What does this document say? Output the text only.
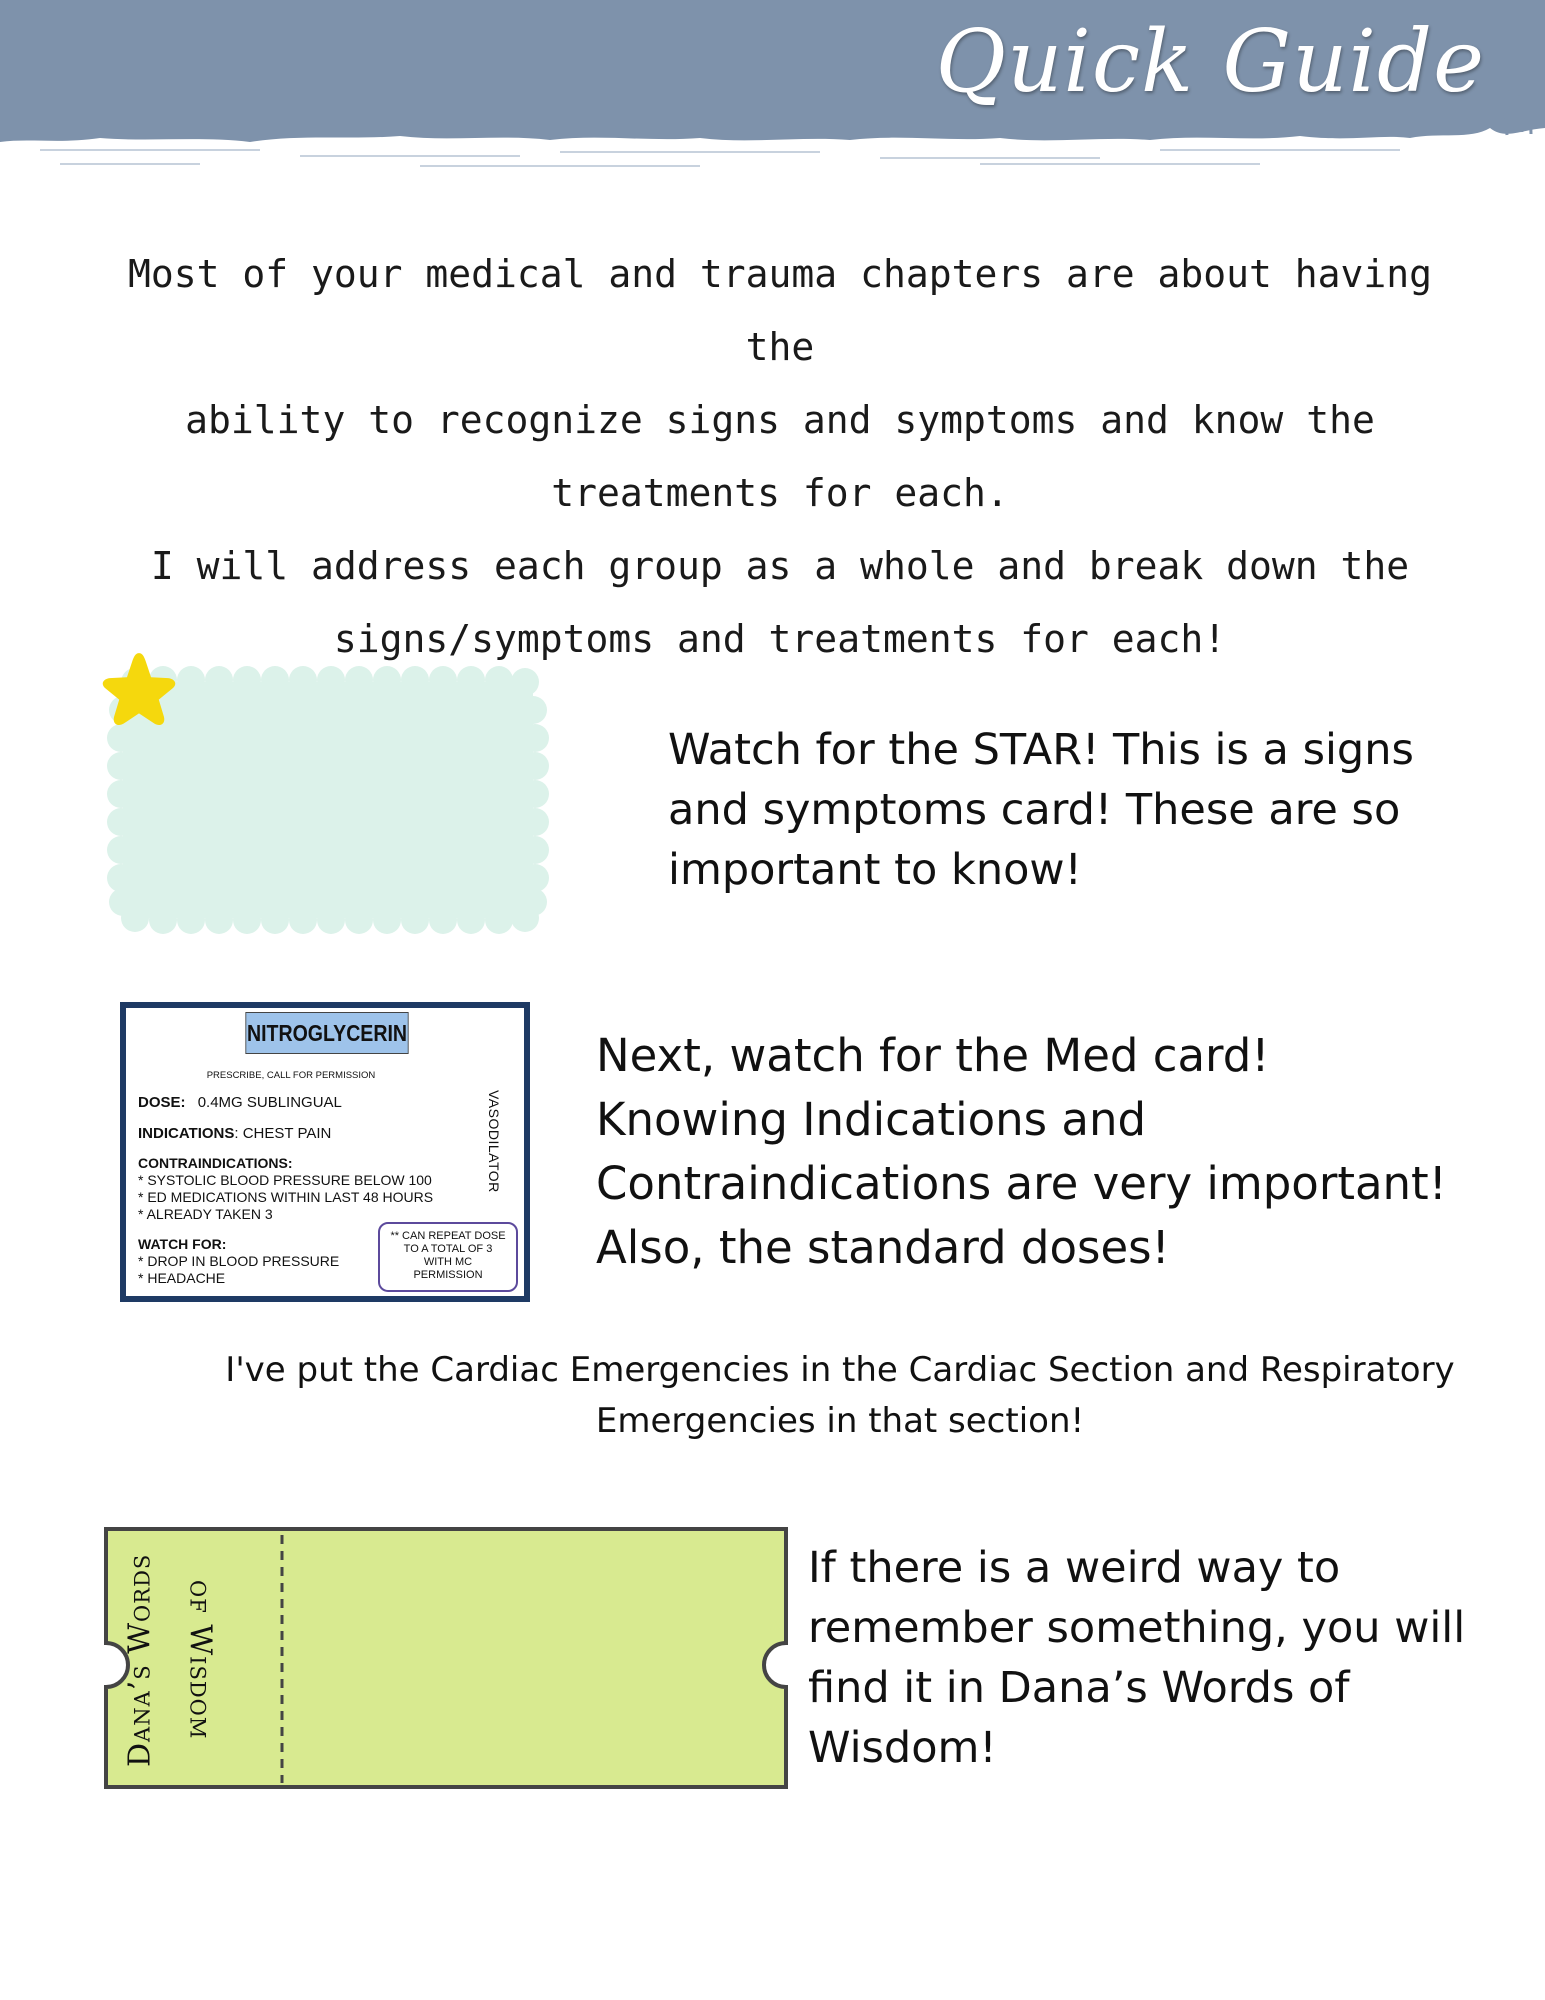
Quick Guide

Most of your medical and trauma chapters are about having the

ability to recognize signs and symptoms and know the

treatments for each.

I will address each group as a whole and break down the

signs/symptoms and treatments for each!

Watch for the STAR! This is a signs
and symptoms card! These are so
important to know!
NITROGLYCERIN
PRESCRIBE, CALL FOR PERMISSION
DOSE: 0.4MG SUBLINGUAL
INDICATIONS: CHEST PAIN
CONTRAINDICATIONS:
* SYSTOLIC BLOOD PRESSURE BELOW 100
* ED MEDICATIONS WITHIN LAST 48 HOURS
* ALREADY TAKEN 3
WATCH FOR:
* DROP IN BLOOD PRESSURE
* HEADACHE
VASODILATOR
** CAN REPEAT DOSE
TO A TOTAL OF 3
WITH MC
PERMISSION
Next, watch for the Med card!
Knowing Indications and
Contraindications are very important!
Also, the standard doses!
I've put the Cardiac Emergencies in the Cardiac Section and Respiratory
Emergencies in that section!
Dana’s Words of Wisdom
If there is a weird way to
remember something, you will
find it in Dana’s Words of
Wisdom!
